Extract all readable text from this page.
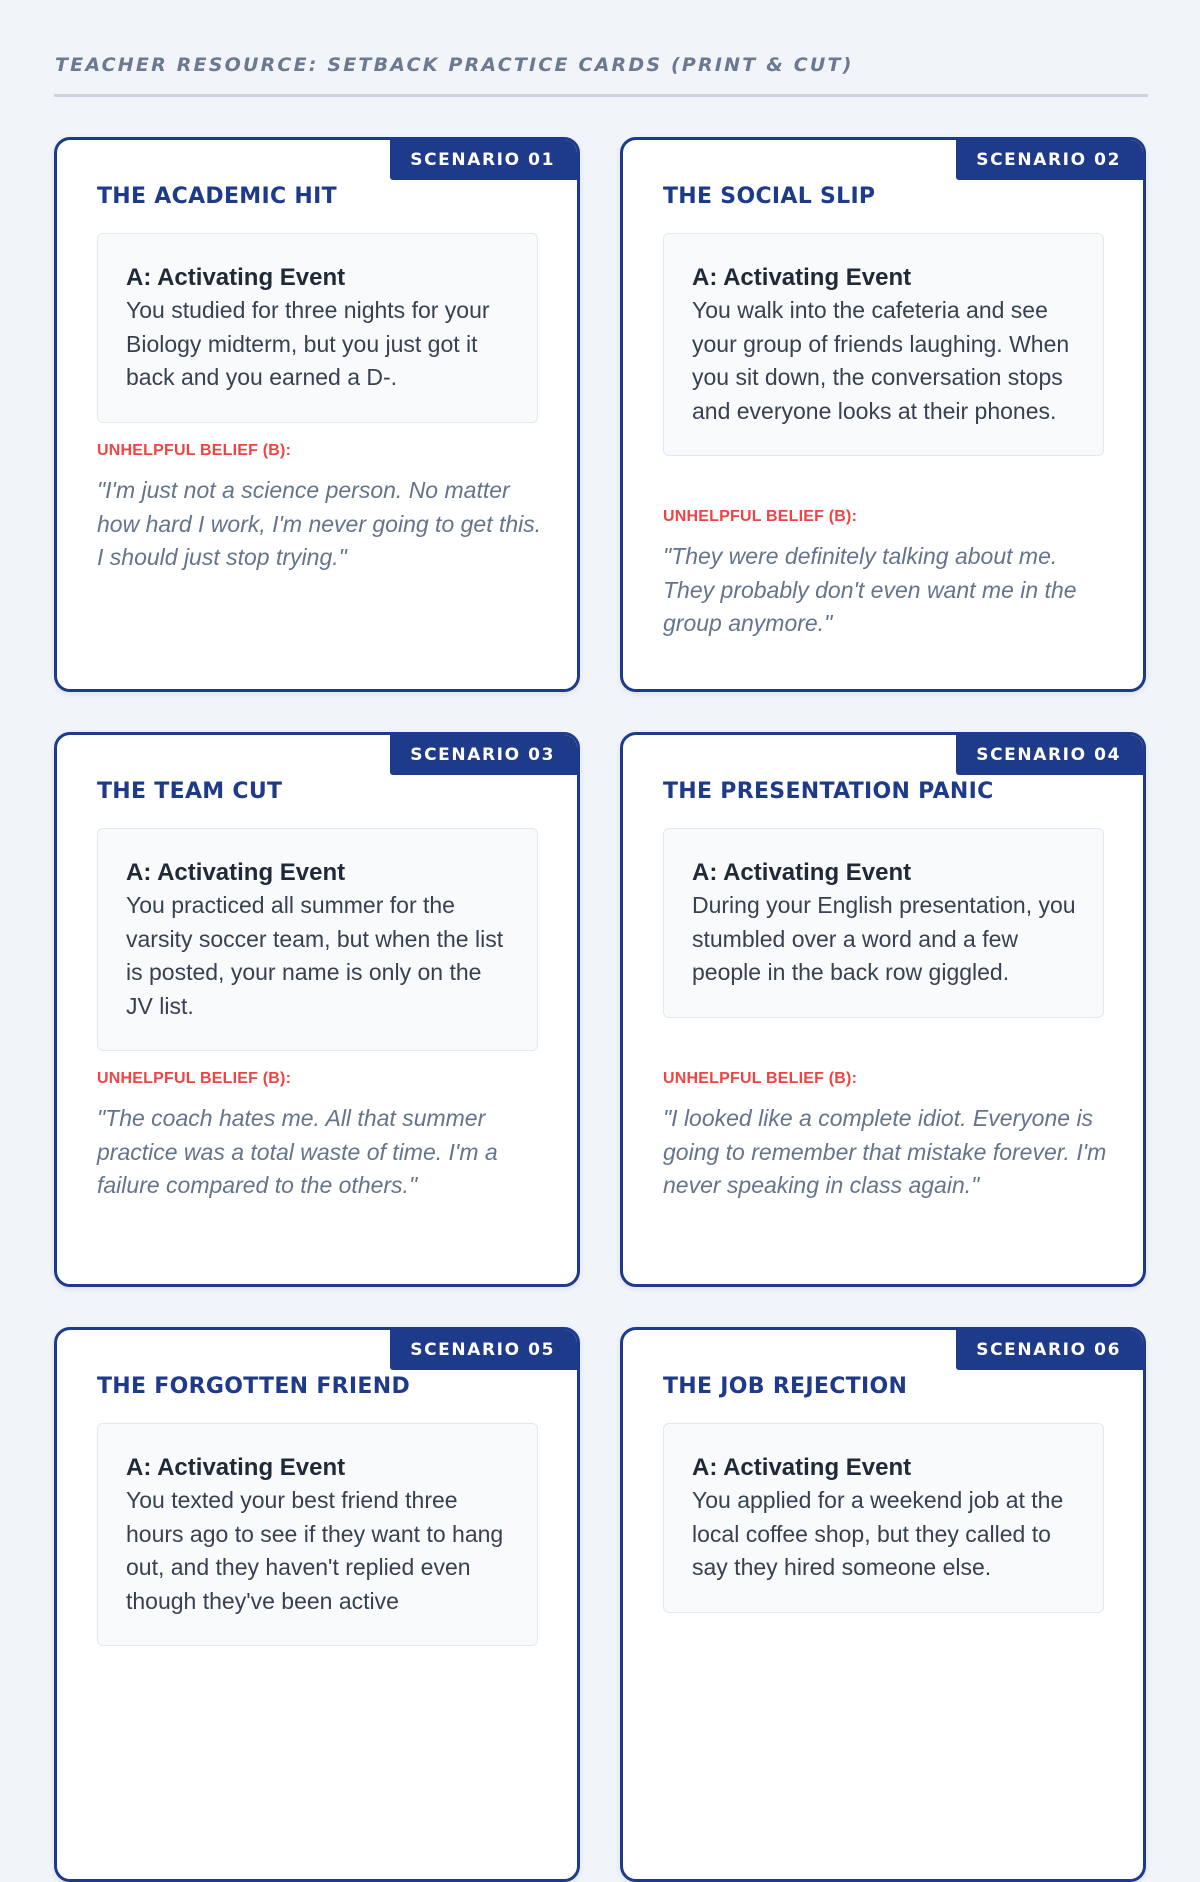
TEACHER RESOURCE: SETBACK PRACTICE CARDS (PRINT & CUT)
SCENARIO 01
THE ACADEMIC HIT
A: Activating Event
You studied for three nights for your Biology midterm, but you just got it back and you earned a D-.
UNHELPFUL BELIEF (B):
"I'm just not a science person. No matter how hard I work, I'm never going to get this. I should just stop trying."
SCENARIO 02
THE SOCIAL SLIP
A: Activating Event
You walk into the cafeteria and see your group of friends laughing. When you sit down, the conversation stops and everyone looks at their phones.
UNHELPFUL BELIEF (B):
"They were definitely talking about me. They probably don't even want me in the group anymore."
SCENARIO 03
THE TEAM CUT
A: Activating Event
You practiced all summer for the varsity soccer team, but when the list is posted, your name is only on the JV list.
UNHELPFUL BELIEF (B):
"The coach hates me. All that summer practice was a total waste of time. I'm a failure compared to the others."
SCENARIO 04
THE PRESENTATION PANIC
A: Activating Event
During your English presentation, you stumbled over a word and a few people in the back row giggled.
UNHELPFUL BELIEF (B):
"I looked like a complete idiot. Everyone is going to remember that mistake forever. I'm never speaking in class again."
SCENARIO 05
THE FORGOTTEN FRIEND
A: Activating Event
You texted your best friend three hours ago to see if they want to hang out, and they haven't replied even though they've been active
SCENARIO 06
THE JOB REJECTION
A: Activating Event
You applied for a weekend job at the local coffee shop, but they called to say they hired someone else.
